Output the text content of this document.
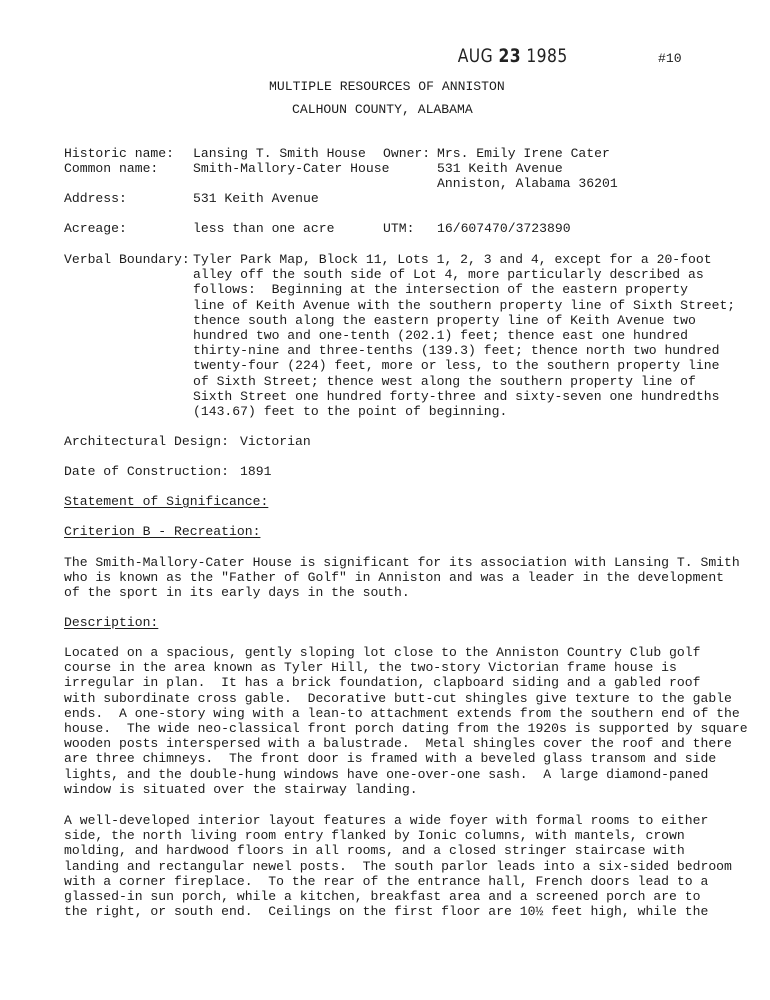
AUG 23 1985	#10
MULTIPLE RESOURCES OF ANNISTON
CALHOUN COUNTY, ALABAMA
Historic name: Lansing T. Smith House Owner: Mrs. Emily Irene Cater
531 Keith Avenue
Anniston, Alabama 36201
Common name:	Smith-Mallory-Cater House
Address:	531 Keith Avenue
Acreage:	less than one acre	UTM: 16/607470/3723890
Verbal Boundary: Tyler Park Map, Block 11, Lots 1, 2, 3 and 4, except for a 20-foot
alley off the south side of Lot 4, more particularly described as
follows:  Beginning at the intersection of the eastern property
line of Keith Avenue with the southern property line of Sixth Street;
thence south along the eastern property line of Keith Avenue two
hundred two and one-tenth (202.1) feet; thence east one hundred
thirty-nine and three-tenths (139.3) feet; thence north two hundred
twenty-four (224) feet, more or less, to the southern property line
of Sixth Street; thence west along the southern property line of
Sixth Street one hundred forty-three and sixty-seven one hundredths
(143.67) feet to the point of beginning.
Architectural Design: Victorian
Date of Construction: 1891
Statement of Significance:
Criterion B - Recreation:
The Smith-Mallory-Cater House is significant for its association with Lansing T. Smith
who is known as the "Father of Golf" in Anniston and was a leader in the development
of the sport in its early days in the south.
Description:
Located on a spacious, gently sloping lot close to the Anniston Country Club golf
course in the area known as Tyler Hill, the two-story Victorian frame house is
irregular in plan.  It has a brick foundation, clapboard siding and a gabled roof
with subordinate cross gable.  Decorative butt-cut shingles give texture to the gable
ends.  A one-story wing with a lean-to attachment extends from the southern end of the
house.  The wide neo-classical front porch dating from the 1920s is supported by square
wooden posts interspersed with a balustrade.  Metal shingles cover the roof and there
are three chimneys.  The front door is framed with a beveled glass transom and side
lights, and the double-hung windows have one-over-one sash.  A large diamond-paned
window is situated over the stairway landing.
A well-developed interior layout features a wide foyer with formal rooms to either
side, the north living room entry flanked by Ionic columns, with mantels, crown
molding, and hardwood floors in all rooms, and a closed stringer staircase with
landing and rectangular newel posts.  The south parlor leads into a six-sided bedroom
with a corner fireplace.  To the rear of the entrance hall, French doors lead to a
glassed-in sun porch, while a kitchen, breakfast area and a screened porch are to
the right, or south end.  Ceilings on the first floor are 10½ feet high, while the
